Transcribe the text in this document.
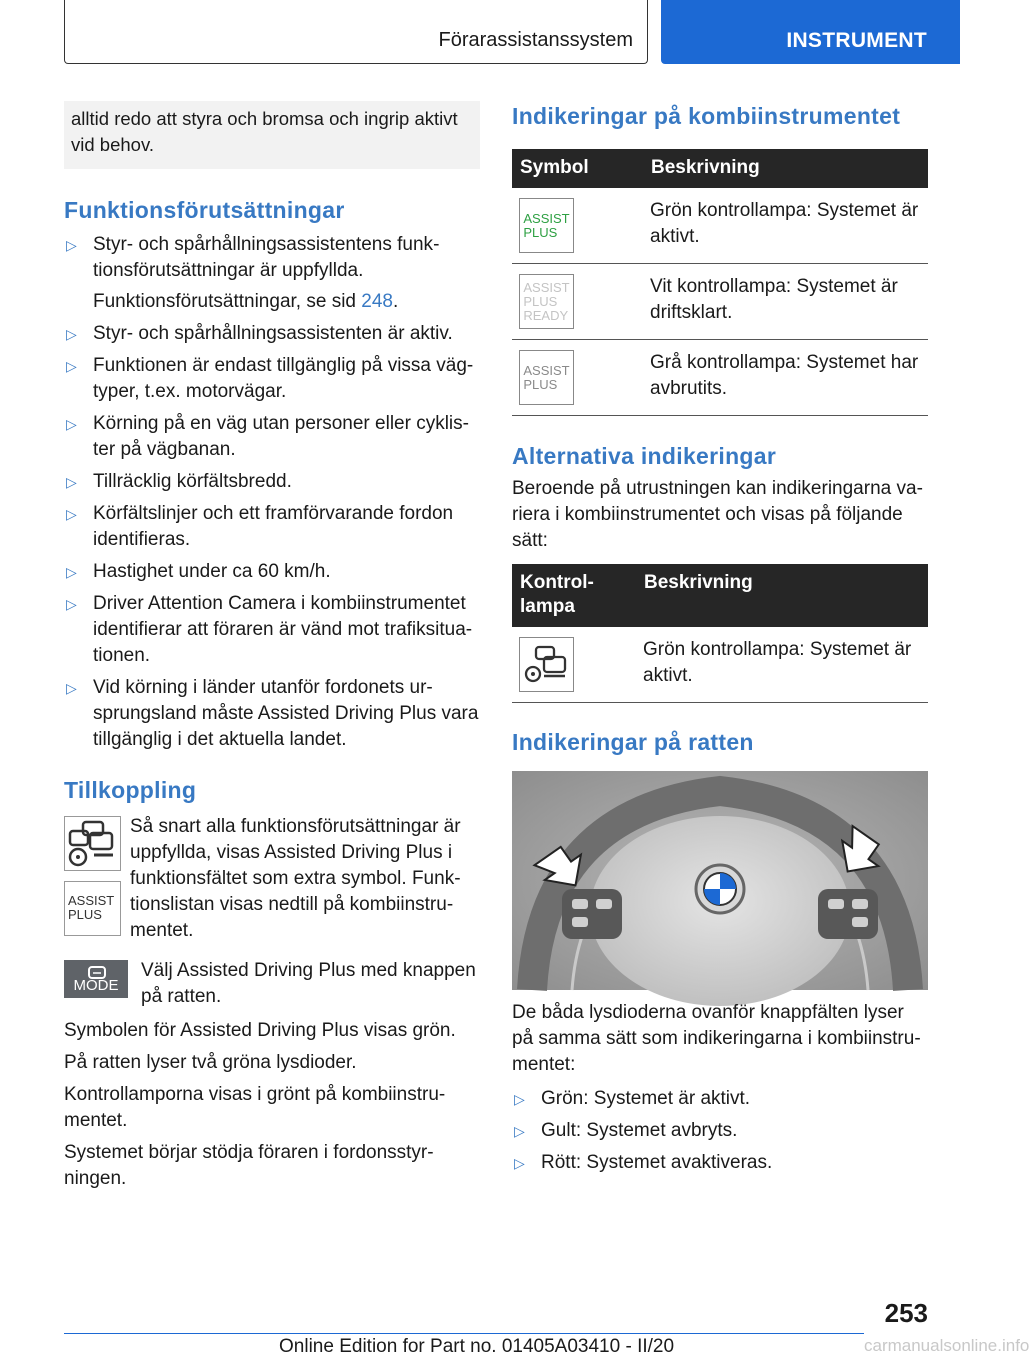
Förarassistanssystem	INSTRUMENT
alltid redo att styra och bromsa och ingrip aktivt vid behov.
Funktionsförutsättningar
▷ Styr- och spårhållningsassistentens funktionsförutsättningar är uppfyllda.
Funktionsförutsättningar, se sid 248.
▷ Styr- och spårhållningsassistenten är aktiv.
▷ Funktionen är endast tillgänglig på vissa vägtyper, t.ex. motorvägar.
▷ Körning på en väg utan personer eller cyklister på vägbanan.
▷ Tillräcklig körfältsbredd.
▷ Körfältslinjer och ett framförvarande fordon identifieras.
▷ Hastighet under ca 60 km/h.
▷ Driver Attention Camera i kombiinstrumentet identifierar att föraren är vänd mot trafiksituationen.
▷ Vid körning i länder utanför fordonets ursprungsland måste Assisted Driving Plus vara tillgänglig i det aktuella landet.
Tillkoppling
ASSIST
PLUS
Så snart alla funktionsförutsättningar är uppfyllda, visas Assisted Driving Plus i funktionsfältet som extra symbol. Funktionslistan visas nedtill på kombiinstrumentet.
MODE
Välj Assisted Driving Plus med knappen på ratten.

Symbolen för Assisted Driving Plus visas grön.

På ratten lyser två gröna lysdioder.

Kontrollamporna visas i grönt på kombiinstrumentet.

Systemet börjar stödja föraren i fordonsstyrningen.

Indikeringar på kombiinstrumentet
Symbol	Beskrivning

ASSIST
PLUS	Grön kontrollampa: Systemet är aktivt.

ASSIST
PLUS
READY	Vit kontrollampa: Systemet är driftsklart.

ASSIST
PLUS	Grå kontrollampa: Systemet har avbrutits.
Alternativa indikeringar

Beroende på utrustningen kan indikeringarna variera i kombiinstrumentet och visas på följande sätt:

Kontrollampa	Beskrivning

	Grön kontrollampa: Systemet är aktivt.
Indikeringar på ratten

De båda lysdioderna ovanför knappfälten lyser på samma sätt som indikeringarna i kombiinstrumentet:

▷ Grön: Systemet är aktivt.
▷ Gult: Systemet avbryts.
▷ Rött: Systemet avaktiveras.
253
Online Edition for Part no. 01405A03410 - II/20	carmanualsonline.info
